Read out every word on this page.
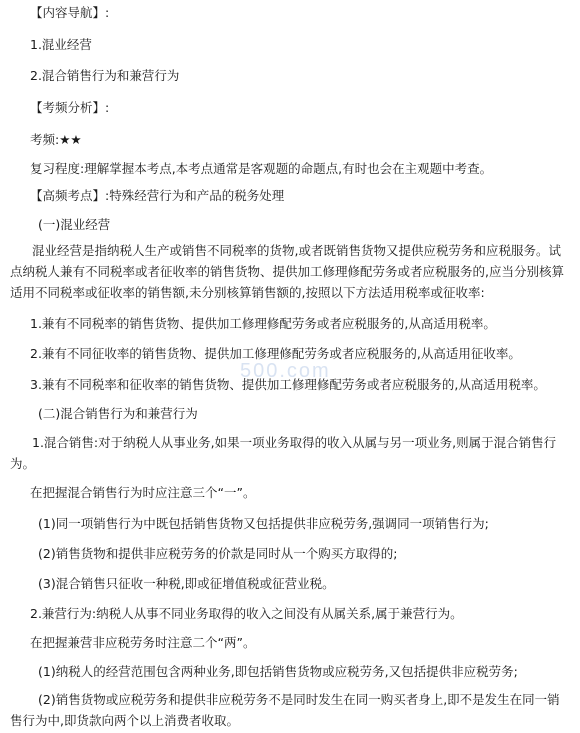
【内容导航】:
1.混业经营
2.混合销售行为和兼营行为
【考频分析】:
考频:★★
复习程度:理解掌握本考点,本考点通常是客观题的命题点,有时也会在主观题中考查。
【高频考点】:特殊经营行为和产品的税务处理
(一)混业经营
混业经营是指纳税人生产或销售不同税率的货物,或者既销售货物又提供应税劳务和应税服务。试点纳税人兼有不同税率或者征收率的销售货物、提供加工修理修配劳务或者应税服务的,应当分别核算适用不同税率或征收率的销售额,未分别核算销售额的,按照以下方法适用税率或征收率:
1.兼有不同税率的销售货物、提供加工修理修配劳务或者应税服务的,从高适用税率。
2.兼有不同征收率的销售货物、提供加工修理修配劳务或者应税服务的,从高适用征收率。
3.兼有不同税率和征收率的销售货物、提供加工修理修配劳务或者应税服务的,从高适用税率。
(二)混合销售行为和兼营行为
1.混合销售:对于纳税人从事业务,如果一项业务取得的收入从属与另一项业务,则属于混合销售行为。
在把握混合销售行为时应注意三个“一”。
(1)同一项销售行为中既包括销售货物又包括提供非应税劳务,强调同一项销售行为;
(2)销售货物和提供非应税劳务的价款是同时从一个购买方取得的;
(3)混合销售只征收一种税,即或征增值税或征营业税。
2.兼营行为:纳税人从事不同业务取得的收入之间没有从属关系,属于兼营行为。
在把握兼营非应税劳务时注意二个“两”。
(1)纳税人的经营范围包含两种业务,即包括销售货物或应税劳务,又包括提供非应税劳务;
(2)销售货物或应税劳务和提供非应税劳务不是同时发生在同一购买者身上,即不是发生在同一销售行为中,即货款向两个以上消费者收取。
500.com
